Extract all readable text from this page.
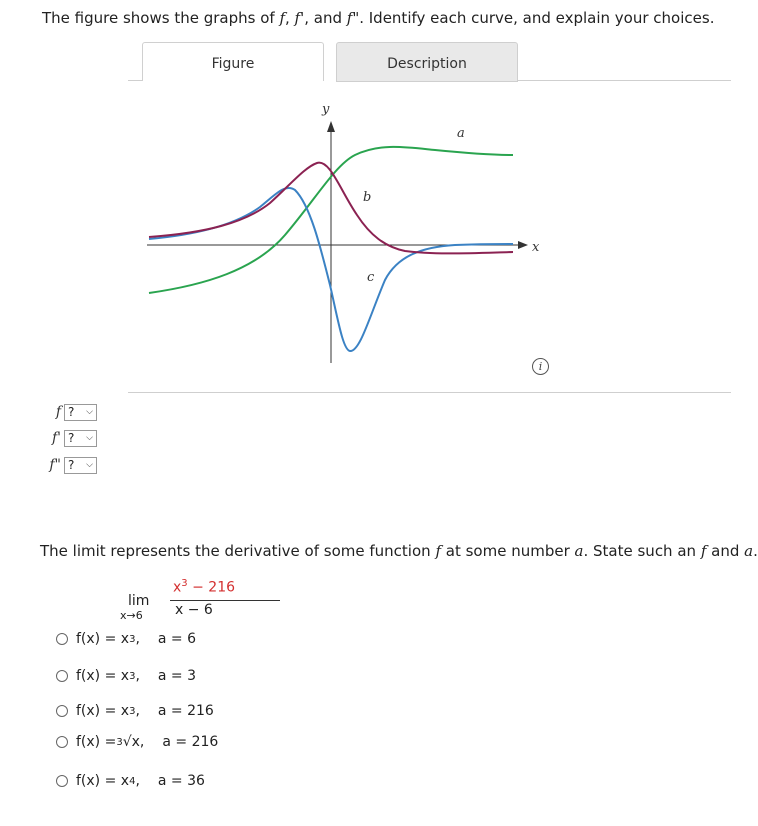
The figure shows the graphs of f, f', and f". Identify each curve, and explain your choices.
Figure	Description
y
x
a
b
c
i
f ? ⌵
f' ? ⌵
f" ? ⌵
The limit represents the derivative of some function f at some number a. State such an f and a.
lim
x→6
$x^3 - 216$
x − 6
f(x) = x 3 , a = 6
f(x) = x 3 , a = 3
f(x) = x 3 , a = 216
f(x) = 3 √x, a = 216
f(x) = x 4 , a = 36
